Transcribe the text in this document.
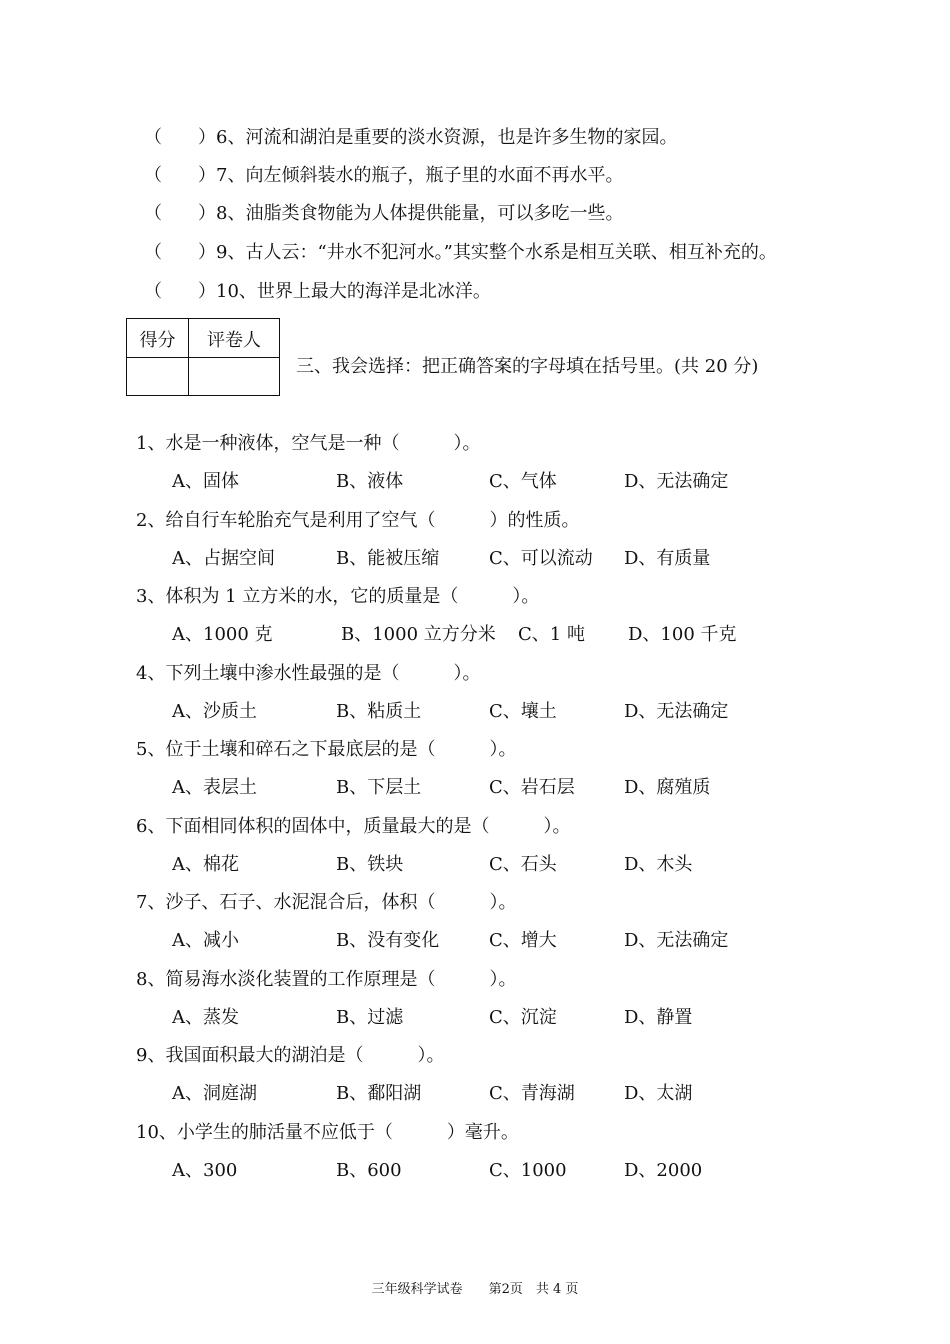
（　　）6、河流和湖泊是重要的淡水资源，也是许多生物的家园。
（　　）7、向左倾斜装水的瓶子，瓶子里的水面不再水平。
（　　）8、油脂类食物能为人体提供能量，可以多吃一些。
（　　）9、古人云：“井水不犯河水。”其实整个水系是相互关联、相互补充的。
（　　）10、世界上最大的海洋是北冰洋。
得分	评卷人
三、我会选择：把正确答案的字母填在括号里。(共 20 分)
1、水是一种液体，空气是一种（　　　）。
A、固体	B、液体	C、气体	D、无法确定
2、给自行车轮胎充气是利用了空气（　　　）的性质。
A、占据空间	B、能被压缩	C、可以流动 D、有质量
3、体积为 1 立方米的水，它的质量是（　　　）。
A、1000 克	B、1000 立方分米 C、1 吨 D、100 千克
4、下列土壤中渗水性最强的是（　　　）。
A、沙质土	B、粘质土	C、壤土	D、无法确定
5、位于土壤和碎石之下最底层的是（　　　）。
A、表层土	B、下层土	C、岩石层	D、腐殖质
6、下面相同体积的固体中，质量最大的是（　　　）。
A、棉花	B、铁块	C、石头	D、木头
7、沙子、石子、水泥混合后，体积（　　　）。
A、减小	B、没有变化	C、增大	D、无法确定
8、简易海水淡化装置的工作原理是（　　　）。
A、蒸发	B、过滤	C、沉淀	D、静置
9、我国面积最大的湖泊是（　　　）。
A、洞庭湖	B、鄱阳湖	C、青海湖	D、太湖
10、小学生的肺活量不应低于（　　　）毫升。
A、300	B、600	C、1000	D、2000
三年级科学试卷　　第2页　共 4 页
